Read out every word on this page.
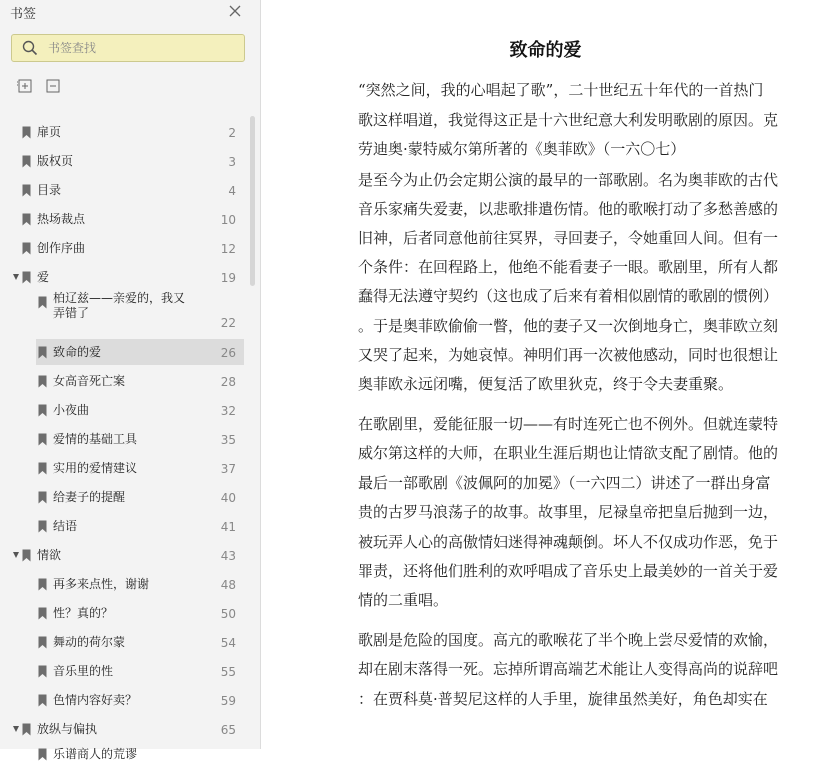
书签
书签查找
扉页	2
版权页	3
目录	4
热场裁点	10
创作序曲	12
爱	19
柏辽兹——亲爱的，我又弄错了
22
致命的爱	26
女高音死亡案	28
小夜曲	32
爱情的基础工具	35
实用的爱情建议	37
给妻子的提醒	40
结语	41
情欲	43
再多来点性，谢谢	48
性？真的？	50
舞动的荷尔蒙	54
音乐里的性	55
色情内容好卖？	59
放纵与偏执	65
乐谱商人的荒谬
致命的爱
“突然之间，我的心唱起了歌”，二十世纪五十年代的一首热门
歌这样唱道，我觉得这正是十六世纪意大利发明歌剧的原因。克
劳迪奥·蒙特威尔第所著的《奥菲欧》（一六〇七）
是至今为止仍会定期公演的最早的一部歌剧。名为奥菲欧的古代
音乐家痛失爱妻，以悲歌排遣伤情。他的歌喉打动了多愁善感的
旧神，后者同意他前往冥界，寻回妻子，令她重回人间。但有一
个条件：在回程路上，他绝不能看妻子一眼。歌剧里，所有人都
蠢得无法遵守契约（这也成了后来有着相似剧情的歌剧的惯例）
。于是奥菲欧偷偷一瞥，他的妻子又一次倒地身亡，奥菲欧立刻
又哭了起来，为她哀悼。神明们再一次被他感动，同时也很想让
奥菲欧永远闭嘴，便复活了欧里狄克，终于令夫妻重聚。
在歌剧里，爱能征服一切——有时连死亡也不例外。但就连蒙特
威尔第这样的大师，在职业生涯后期也让情欲支配了剧情。他的
最后一部歌剧《波佩阿的加冕》（一六四二）讲述了一群出身富
贵的古罗马浪荡子的故事。故事里，尼禄皇帝把皇后抛到一边，
被玩弄人心的高傲情妇迷得神魂颠倒。坏人不仅成功作恶，免于
罪责，还将他们胜利的欢呼唱成了音乐史上最美妙的一首关于爱
情的二重唱。
歌剧是危险的国度。高亢的歌喉花了半个晚上尝尽爱情的欢愉，
却在剧末落得一死。忘掉所谓高端艺术能让人变得高尚的说辞吧
：在贾科莫·普契尼这样的人手里，旋律虽然美好，角色却实在
